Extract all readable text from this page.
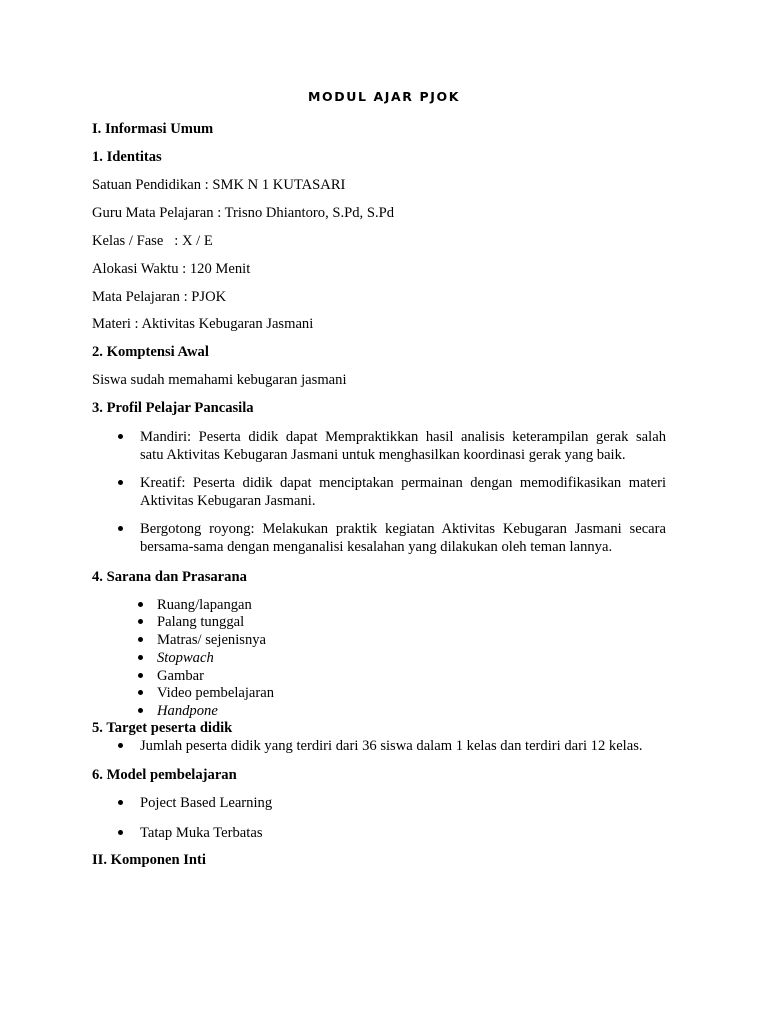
MODUL AJAR PJOK
I. Informasi Umum
1. Identitas
Satuan Pendidikan : SMK N 1 KUTASARI
Guru Mata Pelajaran : Trisno Dhiantoro, S.Pd, S.Pd
Kelas / Fase   : X / E
Alokasi Waktu : 120 Menit
Mata Pelajaran : PJOK
Materi : Aktivitas Kebugaran Jasmani
2. Komptensi Awal
Siswa sudah memahami kebugaran jasmani
3. Profil Pelajar Pancasila
Mandiri: Peserta didik dapat Mempraktikkan hasil analisis keterampilan gerak salah
satu Aktivitas Kebugaran Jasmani untuk menghasilkan koordinasi gerak yang baik.
Kreatif: Peserta didik dapat menciptakan permainan dengan memodifikasikan materi
Aktivitas Kebugaran Jasmani.
Bergotong royong: Melakukan praktik kegiatan Aktivitas Kebugaran Jasmani secara
bersama-sama dengan menganalisi kesalahan yang dilakukan oleh teman lannya.
4. Sarana dan Prasarana
Ruang/lapangan
Palang tunggal
Matras/ sejenisnya
Stopwach
Gambar
Video pembelajaran
Handpone
5. Target peserta didik
Jumlah peserta didik yang terdiri dari 36 siswa dalam 1 kelas dan terdiri dari 12 kelas.
6. Model pembelajaran
Poject Based Learning
Tatap Muka Terbatas
II. Komponen Inti
